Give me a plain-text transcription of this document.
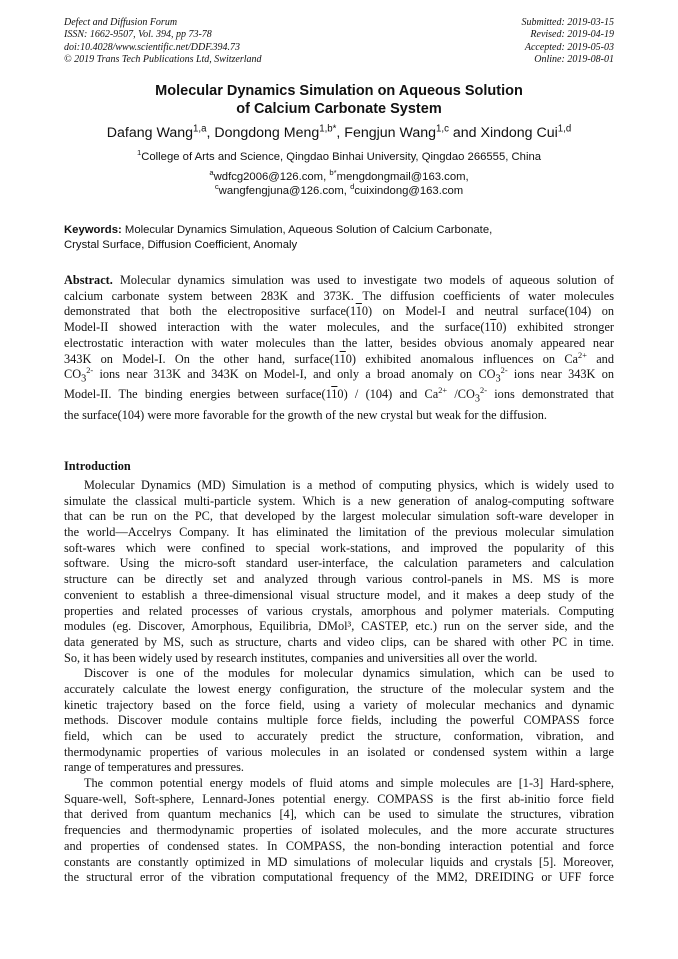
Defect and Diffusion Forum
ISSN: 1662-9507, Vol. 394, pp 73-78
doi:10.4028/www.scientific.net/DDF.394.73
© 2019 Trans Tech Publications Ltd, Switzerland
Submitted: 2019-03-15
Revised: 2019-04-19
Accepted: 2019-05-03
Online: 2019-08-01
Molecular Dynamics Simulation on Aqueous Solution
of Calcium Carbonate System
Dafang Wang$^{1,a}$, Dongdong Meng$^{1,b*}$, Fengjun Wang$^{1,c}$ and Xindong Cui$^{1,d}$
$^1$College of Arts and Science, Qingdao Binhai University, Qingdao 266555, China
$^a$wdfcg2006@126.com, $^{b*}$mengdongmail@163.com,
$^c$wangfengjuna@126.com, $^d$cuixindong@163.com
Keywords: Molecular Dynamics Simulation, Aqueous Solution of Calcium Carbonate,
Crystal Surface, Diffusion Coefficient, Anomaly
Abstract. Molecular dynamics simulation was used to investigate two models of aqueous solution of
calcium carbonate system between 283K and 373K. The diffusion coefficients of water molecules
demonstrated that both the electropositive surface(110) on Model-I and neutral surface(104) on
Model-II showed interaction with the water molecules, and the surface(110) exhibited stronger
electrostatic interaction with water molecules than the latter, besides obvious anomaly appeared near
343K on Model-I. On the other hand, surface(110) exhibited anomalous influences on $Ca^{2+}$ and
$CO_3^{2-}$ ions near 313K and 343K on Model-I, and only a broad anomaly on $CO_3^{2-}$ ions near 343K on
Model-II. The binding energies between surface(110) / (104) and $Ca^{2+}$ $/CO_3^{2-}$ ions demonstrated that
the surface(104) were more favorable for the growth of the new crystal but weak for the diffusion.
Introduction
Molecular Dynamics (MD) Simulation is a method of computing physics, which is widely used to
simulate the classical multi-particle system. Which is a new generation of analog-computing software
that can be run on the PC, that developed by the largest molecular simulation soft-ware developer in
the world—Accelrys Company. It has eliminated the limitation of the previous molecular simulation
soft-wares which were confined to special work-stations, and improved the popularity of this
software. Using the micro-soft standard user-interface, the calculation parameters and calculation
structure can be directly set and analyzed through various control-panels in MS. MS is more
convenient to establish a three-dimensional visual structure model, and it makes a deep study of the
properties and related processes of various crystals, amorphous and polymer materials. Computing
modules (eg. Discover, Amorphous, Equilibria, DMol³, CASTEP, etc.) run on the server side, and the
data generated by MS, such as structure, charts and video clips, can be shared with other PC in time.
So, it has been widely used by research institutes, companies and universities all over the world.
Discover is one of the modules for molecular dynamics simulation, which can be used to
accurately calculate the lowest energy configuration, the structure of the molecular system and the
kinetic trajectory based on the force field, using a variety of molecular mechanics and dynamic
methods. Discover module contains multiple force fields, including the powerful COMPASS force
field, which can be used to accurately predict the structure, conformation, vibration, and
thermodynamic properties of various molecules in an isolated or condensed system within a large
range of temperatures and pressures.
The common potential energy models of fluid atoms and simple molecules are [1-3] Hard-sphere,
Square-well, Soft-sphere, Lennard-Jones potential energy. COMPASS is the first ab-initio force field
that derived from quantum mechanics [4], which can be used to simulate the structures, vibration
frequencies and thermodynamic properties of isolated molecules, and the more accurate structures
and properties of condensed states. In COMPASS, the non-bonding interaction potential and force
constants are constantly optimized in MD simulations of molecular liquids and crystals [5]. Moreover,
the structural error of the vibration computational frequency of the MM2, DREIDING or UFF force
